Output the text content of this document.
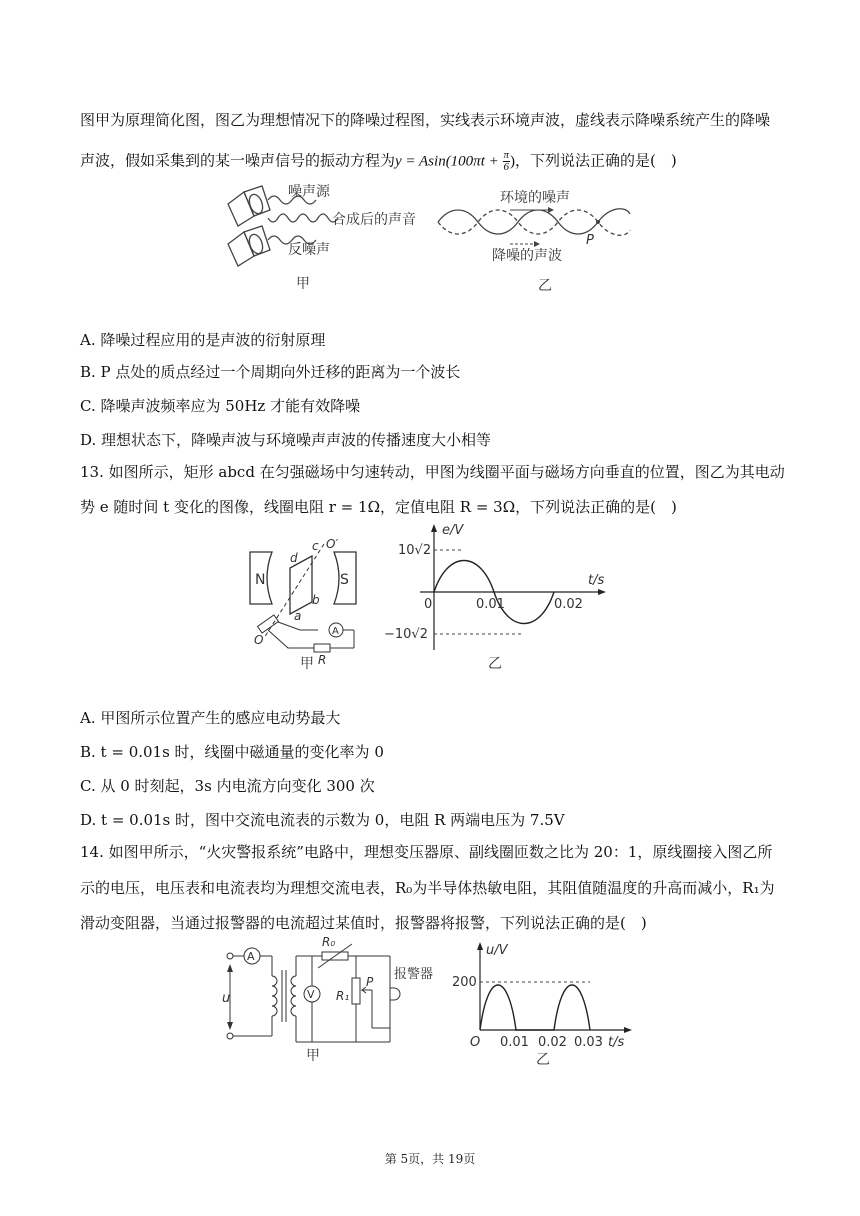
图甲为原理简化图，图乙为理想情况下的降噪过程图，实线表示环境声波，虚线表示降噪系统产生的降噪
声波，假如采集到的某一噪声信号的振动方程为$y = Asin(100\pi t + \frac{\pi}{6}$ )，下列说法正确的是(　)
噪声源
合成后的声音
反噪声
甲
环境的噪声
降噪的声波
P
乙
A. 降噪过程应用的是声波的衍射原理
B. P 点处的质点经过一个周期向外迁移的距离为一个波长
C. 降噪声波频率应为 50Hz 才能有效降噪
D. 理想状态下，降噪声波与环境噪声声波的传播速度大小相等
13. 如图所示，矩形 abcd 在匀强磁场中匀速转动，甲图为线圈平面与磁场方向垂直的位置，图乙为其电动
势 e 随时间 t 变化的图像，线圈电阻 r = 1Ω，定值电阻 R = 3Ω，下列说法正确的是(　)
N	S
d
c O′
b
a
O
A
R
甲
e/V
t/s
10√2
−10√2
0	0.01	0.02
乙
A. 甲图所示位置产生的感应电动势最大
B. t = 0.01s 时，线圈中磁通量的变化率为 0
C. 从 0 时刻起，3s 内电流方向变化 300 次
D. t = 0.01s 时，图中交流电流表的示数为 0，电阻 R 两端电压为 7.5V
14. 如图甲所示，“火灾警报系统”电路中，理想变压器原、副线圈匝数之比为 20：1，原线圈接入图乙所
示的电压，电压表和电流表均为理想交流电表，R₀为半导体热敏电阻，其阻值随温度的升高而减小，R₁为
滑动变阻器，当通过报警器的电流超过某值时，报警器将报警，下列说法正确的是(　)
A
V
u
R₀
R₁
P 报警器
甲
u/V
t/s
200
O 0.01 0.02 0.03
乙
第 5页，共 19页
